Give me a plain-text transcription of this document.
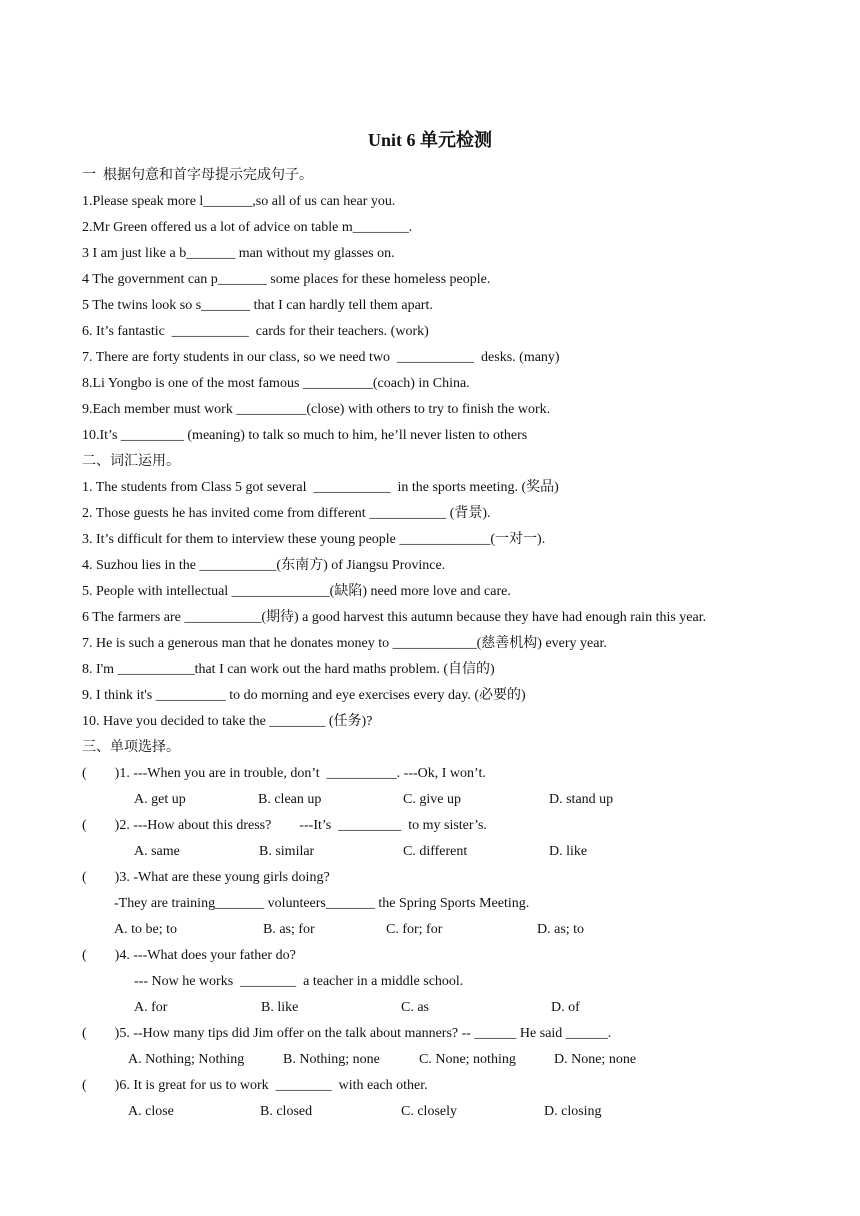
Unit 6 单元检测
一  根据句意和首字母提示完成句子。
1.Please speak more l_______,so all of us can hear you.
2.Mr Green offered us a lot of advice on table m________.
3 I am just like a b_______ man without my glasses on.
4 The government can p_______ some places for these homeless people.
5 The twins look so s_______ that I can hardly tell them apart.
6. It’s fantastic  ___________  cards for their teachers. (work)
7. There are forty students in our class, so we need two  ___________  desks. (many)
8.Li Yongbo is one of the most famous __________(coach) in China.
9.Each member must work __________(close) with others to try to finish the work.
10.It’s _________ (meaning) to talk so much to him, he’ll never listen to others
二、词汇运用。
1. The students from Class 5 got several  ___________  in the sports meeting. (奖品)
2. Those guests he has invited come from different ___________ (背景).
3. It’s difficult for them to interview these young people _____________(一对一).
4. Suzhou lies in the ___________(东南方) of Jiangsu Province.
5. People with intellectual ______________(缺陷) need more love and care.
6 The farmers are ___________(期待) a good harvest this autumn because they have had enough rain this year.
7. He is such a generous man that he donates money to ____________(慈善机构) every year.
8. I'm ___________that I can work out the hard maths problem. (自信的)
9. I think it's __________ to do morning and eye exercises every day. (必要的)
10. Have you decided to take the ________ (任务)?
三、单项选择。
(        )1. ---When you are in trouble, don’t  __________. ---Ok, I won’t.
A. get up	B. clean up	C. give up	D. stand up
(        )2. ---How about this dress?        ---It’s  _________  to my sister’s.
A. same	B. similar	C. different	D. like
(        )3. -What are these young girls doing?
-They are training_______ volunteers_______ the Spring Sports Meeting.
A. to be; to	B. as; for	C. for; for	D. as; to
(        )4. ---What does your father do?
--- Now he works  ________  a teacher in a middle school.
A. for	B. like	C. as	D. of
(        )5. --How many tips did Jim offer on the talk about manners? -- ______ He said ______.
A. Nothing; Nothing	B. Nothing; none	C. None; nothing	D. None; none
(        )6. It is great for us to work  ________  with each other.
A. close	B. closed	C. closely	D. closing
